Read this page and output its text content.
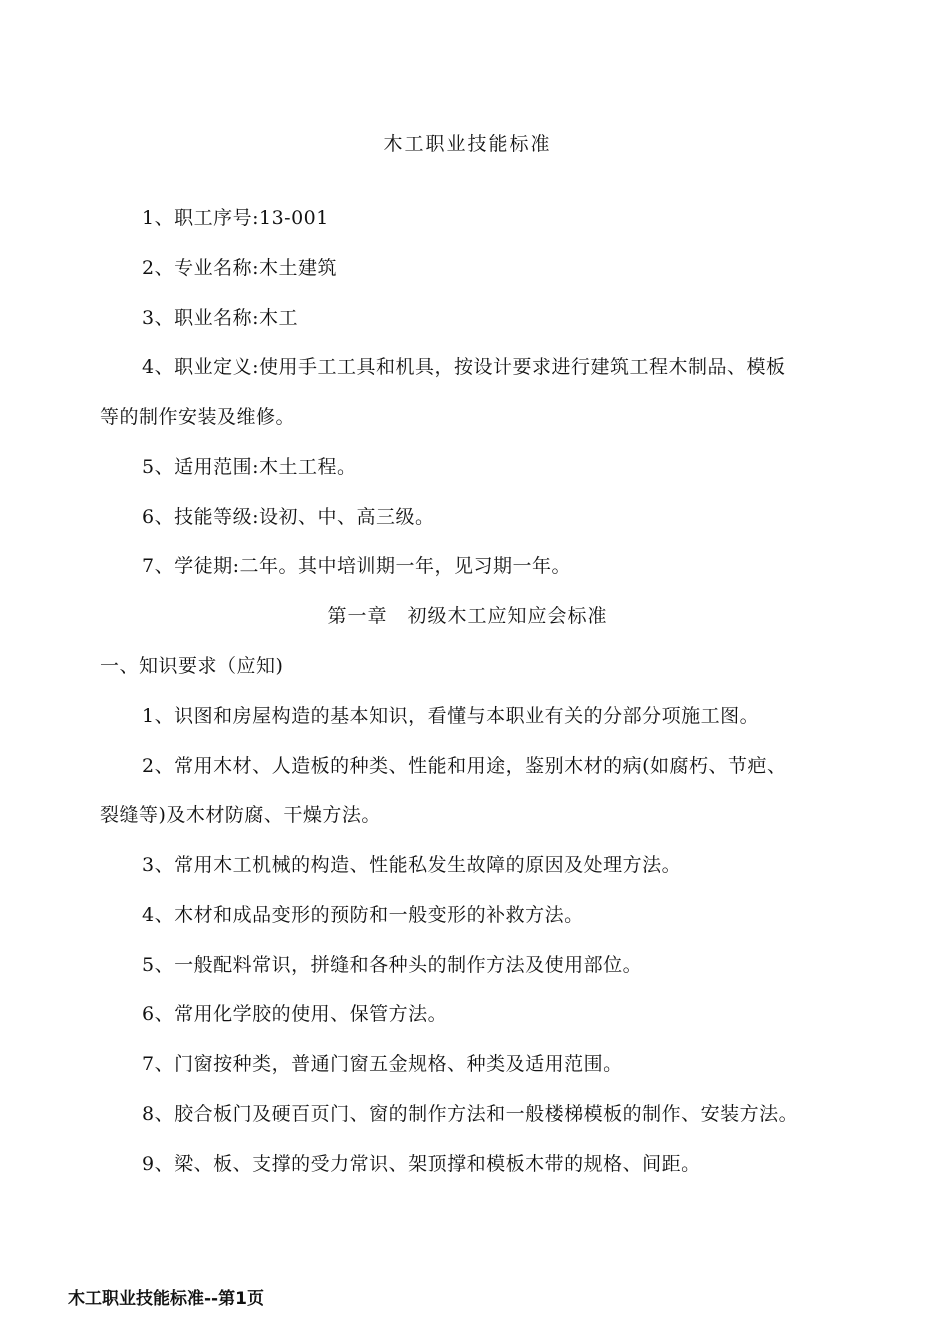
木工职业技能标准
1、职工序号:13-001
2、专业名称:木土建筑
3、职业名称:木工
4、职业定义:使用手工工具和机具，按设计要求进行建筑工程木制品、模板
等的制作安装及维修。
5、适用范围:木土工程。
6、技能等级:设初、中、高三级。
7、学徒期:二年。其中培训期一年，见习期一年。
第一章　初级木工应知应会标准
一、知识要求（应知)
1、识图和房屋构造的基本知识，看懂与本职业有关的分部分项施工图。
2、常用木材、人造板的种类、性能和用途，鉴别木材的病(如腐朽、节疤、
裂缝等)及木材防腐、干燥方法。
3、常用木工机械的构造、性能私发生故障的原因及处理方法。
4、木材和成品变形的预防和一般变形的补救方法。
5、一般配料常识，拼缝和各种头的制作方法及使用部位。
6、常用化学胶的使用、保管方法。
7、门窗按种类，普通门窗五金规格、种类及适用范围。
8、胶合板门及硬百页门、窗的制作方法和一般楼梯模板的制作、安装方法。
9、梁、板、支撑的受力常识、架顶撑和模板木带的规格、间距。
木工职业技能标准--第1页
